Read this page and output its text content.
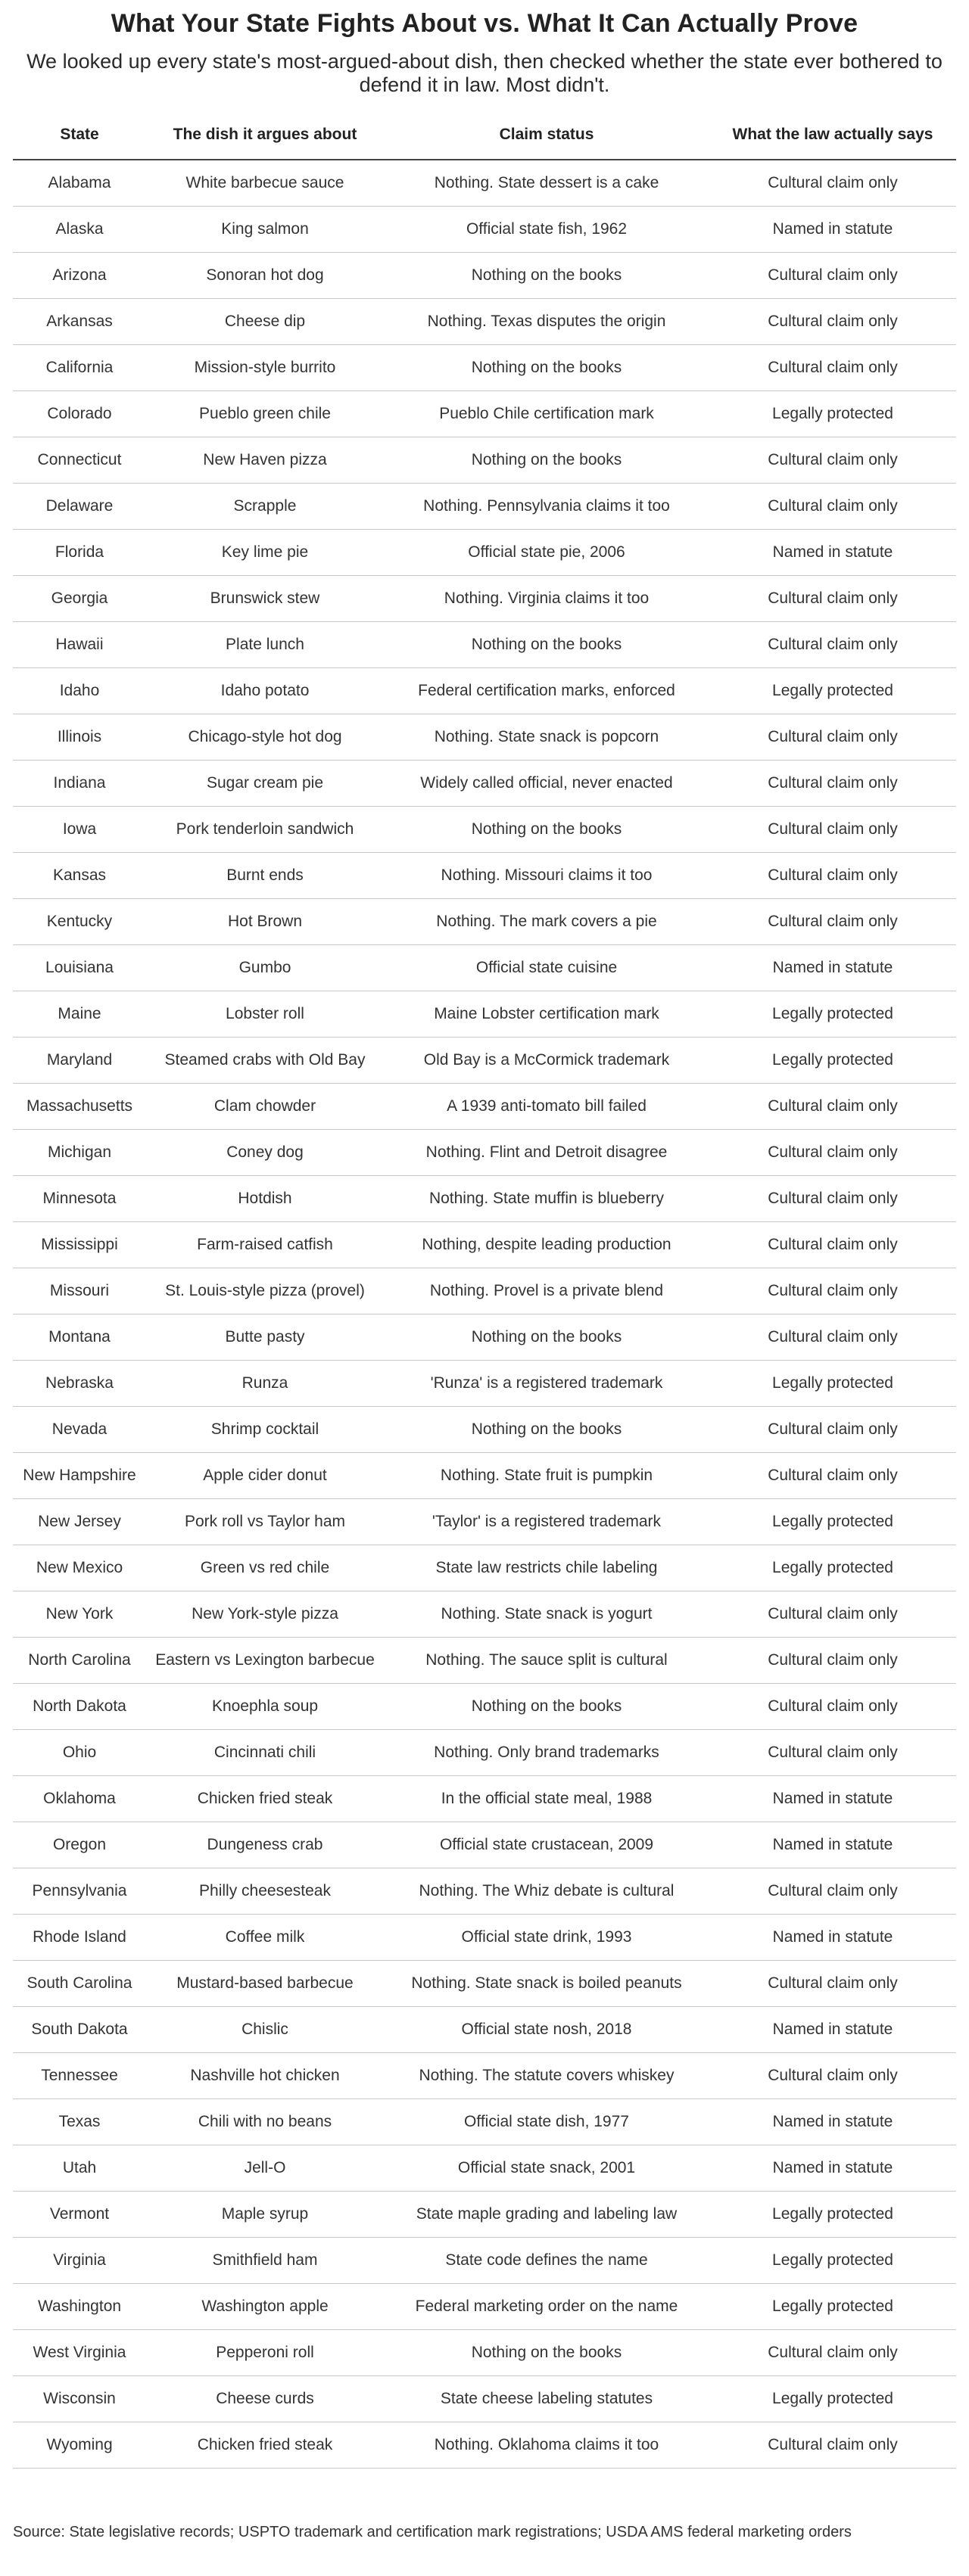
What Your State Fights About vs. What It Can Actually Prove
We looked up every state's most-argued-about dish, then checked whether the state ever bothered to defend it in law. Most didn't.
State	The dish it argues about	Claim status	What the law actually says
Alabama	White barbecue sauce	Nothing. State dessert is a cake	Cultural claim only
Alaska	King salmon	Official state fish, 1962	Named in statute
Arizona	Sonoran hot dog	Nothing on the books	Cultural claim only
Arkansas	Cheese dip	Nothing. Texas disputes the origin	Cultural claim only
California	Mission-style burrito	Nothing on the books	Cultural claim only
Colorado	Pueblo green chile	Pueblo Chile certification mark	Legally protected
Connecticut	New Haven pizza	Nothing on the books	Cultural claim only
Delaware	Scrapple	Nothing. Pennsylvania claims it too	Cultural claim only
Florida	Key lime pie	Official state pie, 2006	Named in statute
Georgia	Brunswick stew	Nothing. Virginia claims it too	Cultural claim only
Hawaii	Plate lunch	Nothing on the books	Cultural claim only
Idaho	Idaho potato	Federal certification marks, enforced	Legally protected
Illinois	Chicago-style hot dog	Nothing. State snack is popcorn	Cultural claim only
Indiana	Sugar cream pie	Widely called official, never enacted	Cultural claim only
Iowa	Pork tenderloin sandwich	Nothing on the books	Cultural claim only
Kansas	Burnt ends	Nothing. Missouri claims it too	Cultural claim only
Kentucky	Hot Brown	Nothing. The mark covers a pie	Cultural claim only
Louisiana	Gumbo	Official state cuisine	Named in statute
Maine	Lobster roll	Maine Lobster certification mark	Legally protected
Maryland	Steamed crabs with Old Bay	Old Bay is a McCormick trademark	Legally protected
Massachusetts	Clam chowder	A 1939 anti-tomato bill failed	Cultural claim only
Michigan	Coney dog	Nothing. Flint and Detroit disagree	Cultural claim only
Minnesota	Hotdish	Nothing. State muffin is blueberry	Cultural claim only
Mississippi	Farm-raised catfish	Nothing, despite leading production	Cultural claim only
Missouri	St. Louis-style pizza (provel)	Nothing. Provel is a private blend	Cultural claim only
Montana	Butte pasty	Nothing on the books	Cultural claim only
Nebraska	Runza	'Runza' is a registered trademark	Legally protected
Nevada	Shrimp cocktail	Nothing on the books	Cultural claim only
New Hampshire	Apple cider donut	Nothing. State fruit is pumpkin	Cultural claim only
New Jersey	Pork roll vs Taylor ham	'Taylor' is a registered trademark	Legally protected
New Mexico	Green vs red chile	State law restricts chile labeling	Legally protected
New York	New York-style pizza	Nothing. State snack is yogurt	Cultural claim only
North Carolina	Eastern vs Lexington barbecue	Nothing. The sauce split is cultural	Cultural claim only
North Dakota	Knoephla soup	Nothing on the books	Cultural claim only
Ohio	Cincinnati chili	Nothing. Only brand trademarks	Cultural claim only
Oklahoma	Chicken fried steak	In the official state meal, 1988	Named in statute
Oregon	Dungeness crab	Official state crustacean, 2009	Named in statute
Pennsylvania	Philly cheesesteak	Nothing. The Whiz debate is cultural	Cultural claim only
Rhode Island	Coffee milk	Official state drink, 1993	Named in statute
South Carolina	Mustard-based barbecue	Nothing. State snack is boiled peanuts	Cultural claim only
South Dakota	Chislic	Official state nosh, 2018	Named in statute
Tennessee	Nashville hot chicken	Nothing. The statute covers whiskey	Cultural claim only
Texas	Chili with no beans	Official state dish, 1977	Named in statute
Utah	Jell-O	Official state snack, 2001	Named in statute
Vermont	Maple syrup	State maple grading and labeling law	Legally protected
Virginia	Smithfield ham	State code defines the name	Legally protected
Washington	Washington apple	Federal marketing order on the name	Legally protected
West Virginia	Pepperoni roll	Nothing on the books	Cultural claim only
Wisconsin	Cheese curds	State cheese labeling statutes	Legally protected
Wyoming	Chicken fried steak	Nothing. Oklahoma claims it too	Cultural claim only
Source: State legislative records; USPTO trademark and certification mark registrations; USDA AMS federal marketing orders
